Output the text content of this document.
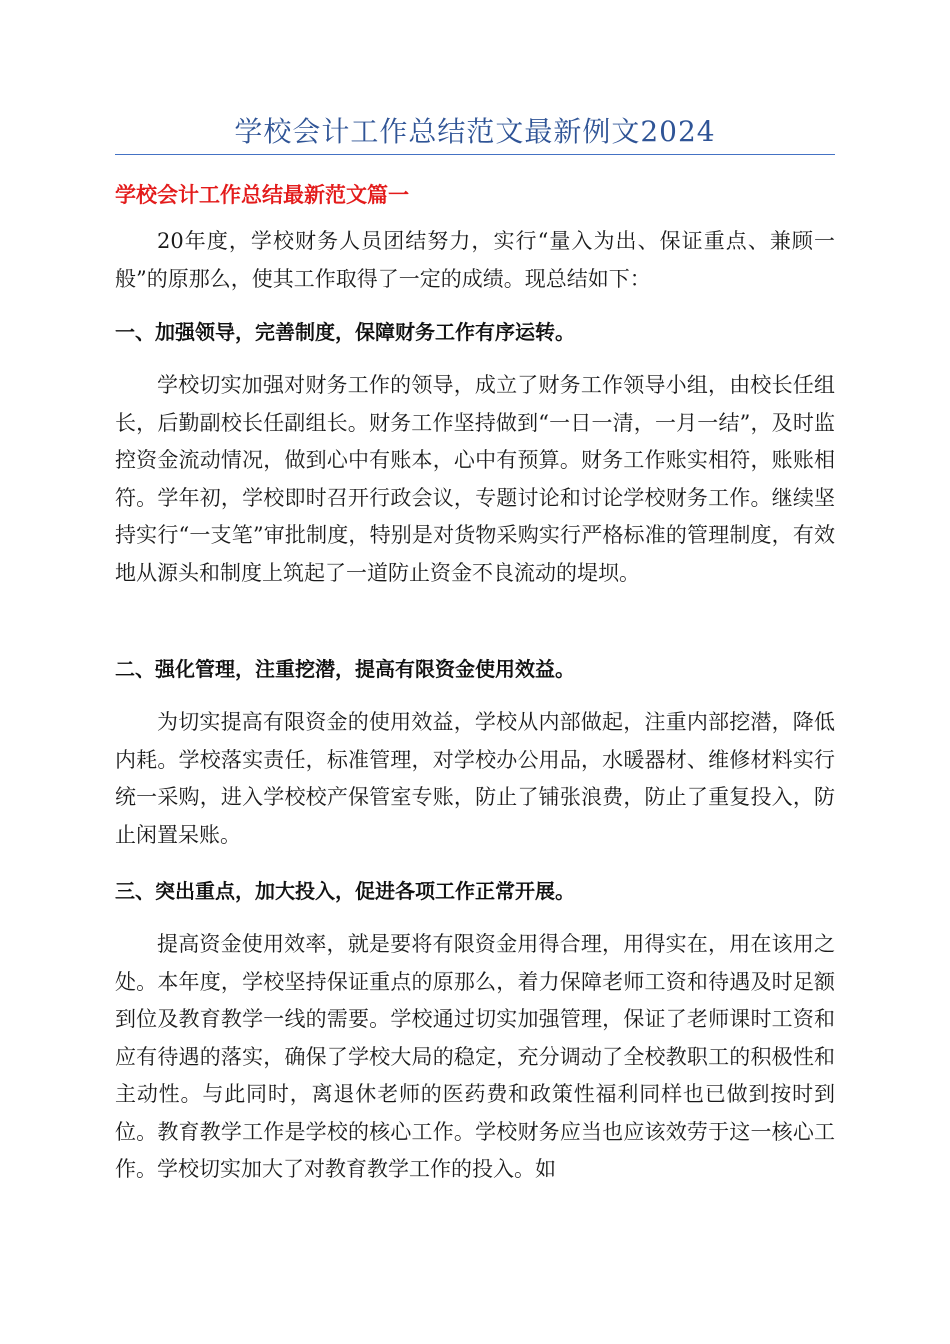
学校会计工作总结范文最新例文2024
学校会计工作总结最新范文篇一

20年度，学校财务人员团结努力，实行“量入为出、保证重点、兼顾一般”的原那么，使其工作取得了一定的成绩。现总结如下：

一、加强领导，完善制度，保障财务工作有序运转。

学校切实加强对财务工作的领导，成立了财务工作领导小组，由校长任组长，后勤副校长任副组长。财务工作坚持做到“一日一清，一月一结”，及时监控资金流动情况，做到心中有账本，心中有预算。财务工作账实相符，账账相符。学年初，学校即时召开行政会议，专题讨论和讨论学校财务工作。继续坚持实行“一支笔”审批制度，特别是对货物采购实行严格标准的管理制度，有效地从源头和制度上筑起了一道防止资金不良流动的堤坝。

二、强化管理，注重挖潜，提高有限资金使用效益。

为切实提高有限资金的使用效益，学校从内部做起，注重内部挖潜，降低内耗。学校落实责任，标准管理，对学校办公用品，水暖器材、维修材料实行统一采购，进入学校校产保管室专账，防止了铺张浪费，防止了重复投入，防止闲置呆账。

三、突出重点，加大投入，促进各项工作正常开展。

提高资金使用效率，就是要将有限资金用得合理，用得实在，用在该用之处。本年度，学校坚持保证重点的原那么，着力保障老师工资和待遇及时足额到位及教育教学一线的需要。学校通过切实加强管理，保证了老师课时工资和应有待遇的落实，确保了学校大局的稳定，充分调动了全校教职工的积极性和主动性。与此同时，离退休老师的医药费和政策性福利同样也已做到按时到位。教育教学工作是学校的核心工作。学校财务应当也应该效劳于这一核心工作。学校切实加大了对教育教学工作的投入。如
